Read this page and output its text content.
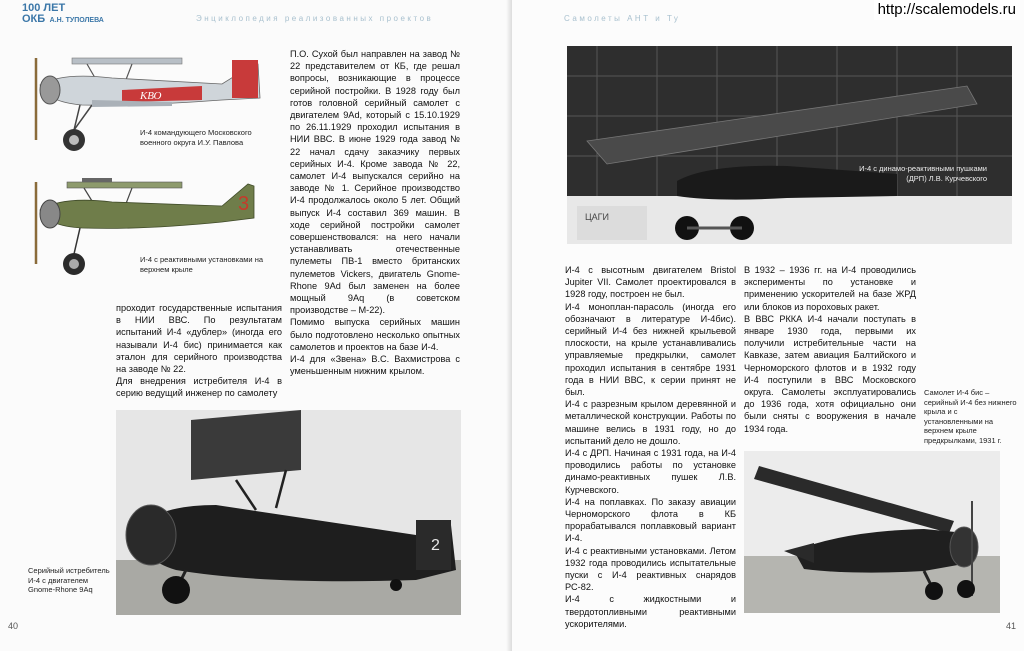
100 ЛЕТ
ОКБ А.Н. ТУПОЛЕВА	Энциклопедия реализованных проектов
КВО
И-4 командующего Московского военного округа И.У. Павлова
3
И-4 с реактивными установками на верхнем крыле

П.О. Сухой был направлен на завод № 22 представителем от КБ, где решал вопросы, возникающие в процессе серийной постройки. В 1928 году был готов головной серийный самолет с двигателем 9Ad, который с 15.10.1929 по 26.11.1929 проходил испытания в НИИ ВВС. В июне 1929 года завод № 22 начал сдачу заказчику первых серийных И-4. Кроме завода № 22, самолет И-4 выпускался серийно на заводе № 1. Серийное производство И-4 продолжалось около 5 лет. Общий выпуск И-4 составил 369 машин. В ходе серийной постройки самолет совершенствовался: на него начали устанавливать отечественные пулеметы ПВ-1 вместо британских пулеметов Vickers, двигатель Gnome-Rhone 9Ad был заменен на более мощный 9Aq (в советском производстве – М-22).

Помимо выпуска серийных машин было подготовлено несколько опытных самолетов и проектов на базе И-4.

И-4 для «Звена» В.С. Вахмистрова с уменьшенным нижним крылом.

проходит государственные испытания в НИИ ВВС. По результатам испытаний И-4 «дублер» (иногда его называли И-4 бис) принимается как эталон для серийного производства на заводе № 22.

Для внедрения истребителя И-4 в серию ведущий инженер по самолету

2
Серийный истребитель И-4 с двигателем Gnome-Rhone 9Aq
40
Самолеты АНТ и Ту
ЦАГИ
И-4 с динамо-реактивными пушками (ДРП) Л.В. Курчевского

И-4 с высотным двигателем Bristol Jupiter VII. Самолет проектировался в 1928 году, построен не был.

И-4 моноплан-парасоль (иногда его обозначают в литературе И-4бис). серийный И-4 без нижней крыльевой плоскости, на крыле устанавливались управляемые предкрылки, самолет проходил испытания в сентябре 1931 года в НИИ ВВС, к серии принят не был.

И-4 с разрезным крылом деревянной и металлической конструкции. Работы по машине велись в 1931 году, но до испытаний дело не дошло.

И-4 с ДРП. Начиная с 1931 года, на И-4 проводились работы по установке динамо-реактивных пушек Л.В. Курчевского.

И-4 на поплавках. По заказу авиации Черноморского флота в КБ прорабатывался поплавковый вариант И-4.

И-4 с реактивными установками. Летом 1932 года проводились испытательные пуски с И-4 реактивных снарядов РС-82.

И-4 с жидкостными и твердотопливными реактивными ускорителями.

В 1932 – 1936 гг. на И-4 проводились эксперименты по установке и применению ускорителей на базе ЖРД или блоков из пороховых ракет.

В ВВС РККА И-4 начали поступать в январе 1930 года, первыми их получили истребительные части на Кавказе, затем авиация Балтийского и Черноморского флотов и в 1932 году И-4 поступили в ВВС Московского округа. Самолеты эксплуатировались до 1936 года, хотя официально они были сняты с вооружения в начале 1934 года.

Самолет И-4 бис – серийный И-4 без нижнего крыла и с установленными на верхнем крыле предкрылками, 1931 г.
41
http://scalemodels.ru
